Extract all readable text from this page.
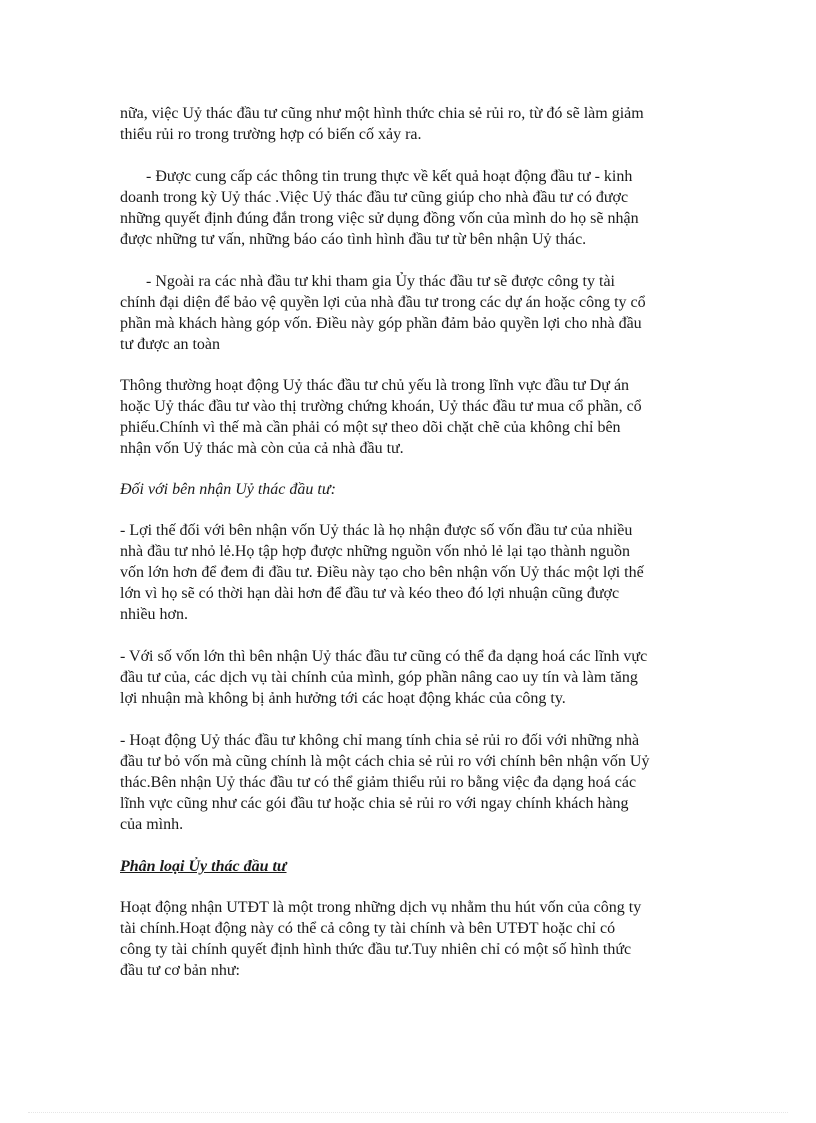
nữa, việc Uỷ thác đầu tư cũng như một hình thức chia sẻ rủi ro, từ đó sẽ làm giảm
thiểu rủi ro trong trường hợp có biến cố xảy ra.
- Được cung cấp các thông tin trung thực về kết quả hoạt động đầu tư - kinh
doanh trong kỳ Uỷ thác .Việc Uỷ thác đầu tư cũng giúp cho nhà đầu tư có được
những quyết định đúng đắn trong việc sử dụng đồng vốn của mình do họ sẽ nhận
được những tư vấn, những báo cáo tình hình đầu tư từ bên nhận Uỷ thác.
- Ngoài ra các nhà đầu tư khi tham gia Ủy thác đầu tư sẽ được công ty tài
chính đại diện để bảo vệ quyền lợi của nhà đầu tư trong các dự án hoặc công ty cổ
phần mà khách hàng góp vốn. Điều này góp phần đảm bảo quyền lợi cho nhà đầu
tư được an toàn
Thông thường hoạt động Uỷ thác đầu tư chủ yếu là trong lĩnh vực đầu tư Dự án
hoặc Uỷ thác đầu tư vào thị trường chứng khoán, Uỷ thác đầu tư mua cổ phần, cổ
phiếu.Chính vì thế mà cần phải có một sự theo dõi chặt chẽ của không chỉ bên
nhận vốn Uỷ thác mà còn của cả nhà đầu tư.
Đối với bên nhận Uỷ thác đầu tư:
- Lợi thế đối với bên nhận vốn Uỷ thác là họ nhận được số vốn đầu tư của nhiều
nhà đầu tư nhỏ lẻ.Họ tập hợp được những nguồn vốn nhỏ lẻ lại tạo thành nguồn
vốn lớn hơn để đem đi đầu tư. Điều này tạo cho bên nhận vốn Uỷ thác một lợi thế
lớn vì họ sẽ có thời hạn dài hơn để đầu tư và kéo theo đó lợi nhuận cũng được
nhiều hơn.
- Với số vốn lớn thì bên nhận Uỷ thác đầu tư cũng có thể đa dạng hoá các lĩnh vực
đầu tư của, các dịch vụ tài chính của mình, góp phần nâng cao uy tín và làm tăng
lợi nhuận mà không bị ảnh hưởng tới các hoạt động khác của công ty.
- Hoạt động Uỷ thác đầu tư không chỉ mang tính chia sẻ rủi ro đối với những nhà
đầu tư bỏ vốn mà cũng chính là một cách chia sẻ rủi ro với chính bên nhận vốn Uỷ
thác.Bên nhận Uỷ thác đầu tư có thể giảm thiểu rủi ro bằng việc đa dạng hoá các
lĩnh vực cũng như các gói đầu tư hoặc chia sẻ rủi ro với ngay chính khách hàng
của mình.
Phân loại Ủy thác đầu tư
Hoạt động nhận UTĐT là một trong những dịch vụ nhằm thu hút vốn của công ty
tài chính.Hoạt động này có thể cả công ty tài chính và bên UTĐT hoặc chỉ có
công ty tài chính quyết định hình thức đầu tư.Tuy nhiên chỉ có một số hình thức
đầu tư cơ bản như:
